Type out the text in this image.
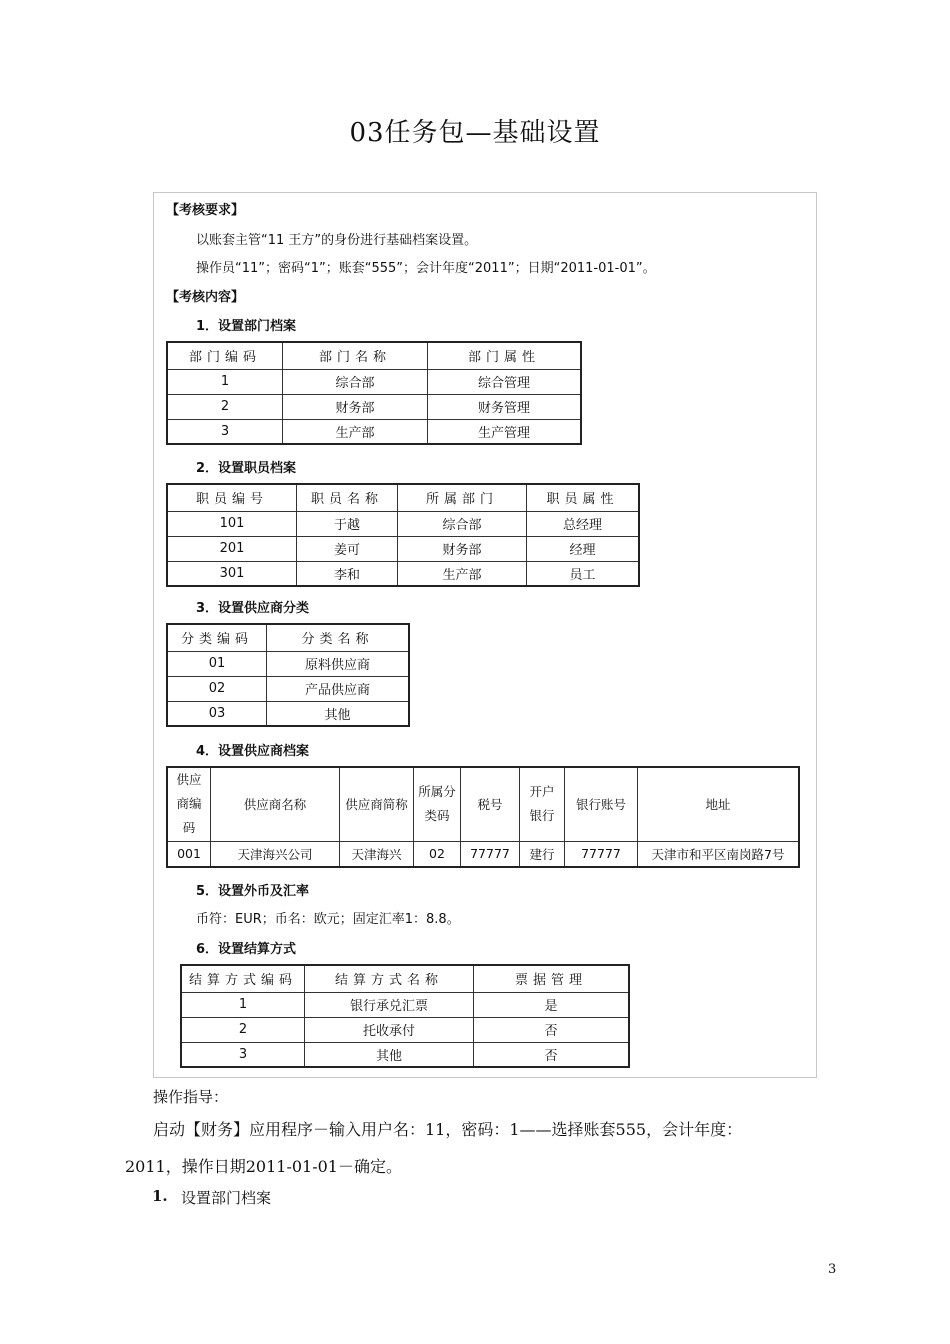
03任务包—基础设置
【考核要求】
以账套主管“11 王方”的身份进行基础档案设置。
操作员“11”；密码“1”；账套“555”；会计年度“2011”；日期“2011-01-01”。
【考核内容】
1．设置部门档案
部门编码	部门名称	部门属性
1	综合部	综合管理
2	财务部	财务管理
3	生产部	生产管理
2．设置职员档案
职员编号	职员名称	所属部门	职员属性
101	于越	综合部	总经理
201	姜可	财务部	经理
301	李和	生产部	员工
3．设置供应商分类
分类编码	分类名称
01	原料供应商
02	产品供应商
03	其他
4．设置供应商档案
供应商编码	供应商名称	供应商简称	所属分类码	税号	开户银行	银行账号	地址
001	天津海兴公司	天津海兴	02	77777	建行	77777	天津市和平区南岗路7号
5．设置外币及汇率
币符：EUR；币名：欧元；固定汇率1：8.8。
6．设置结算方式
结算方式编码	结算方式名称	票据管理
1	银行承兑汇票	是
2	托收承付	否
3	其他	否
操作指导：
启动【财务】应用程序－输入用户名：11，密码：1——选择账套555，会计年度：
2011，操作日期2011-01-01－确定。
1. 设置部门档案
3
